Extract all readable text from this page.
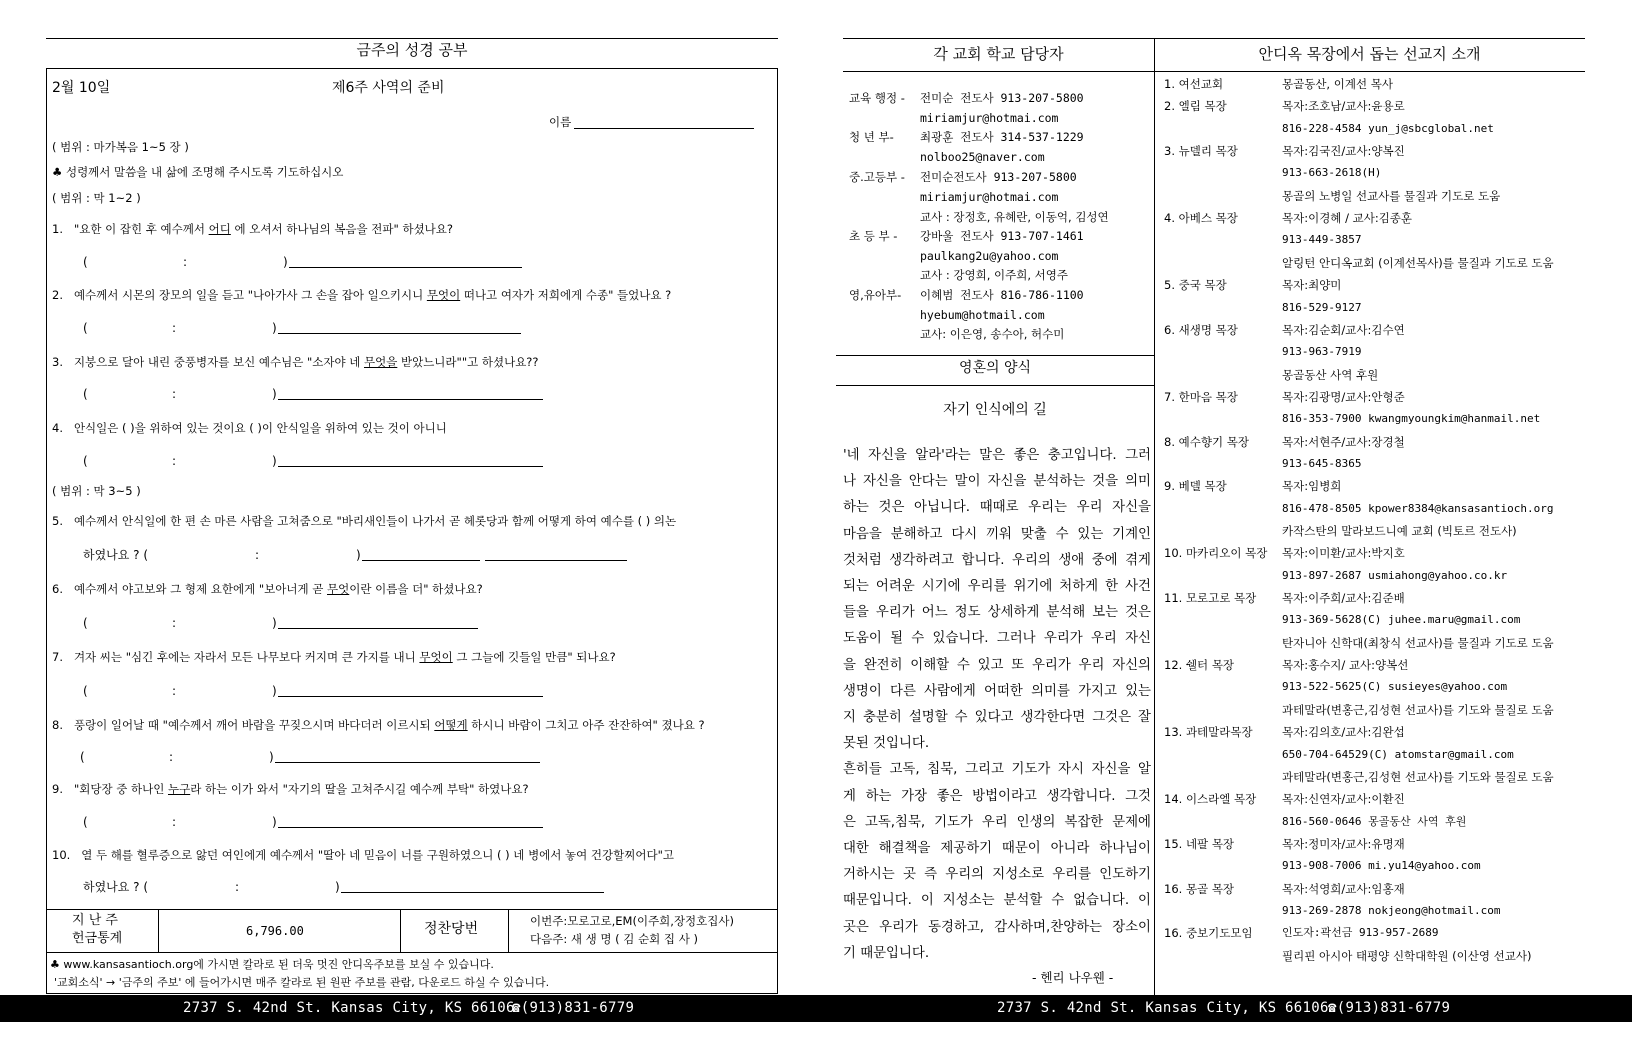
금주의 성경 공부
2월 10일	제6주 사역의 준비
이름
( 범위 : 마가복음 1~5 장 )
♣ 성령께서 말씀을 내 삶에 조명해 주시도록 기도하십시오
( 범위 : 막 1~2 )
1. "요한 이 잡힌 후 예수께서 어디 에 오셔서 하나님의 복음을 전파" 하셨나요?
(	:	)
2. 예수께서 시몬의 장모의 일을 듣고 "나아가사 그 손을 잡아 일으키시니 무엇이 떠나고 여자가 저희에게 수종" 들었나요 ?
(	:	)
3. 지붕으로 달아 내린 중풍병자를 보신 예수님은 "소자야 네 무엇을 받았느니라""고 하셨나요??
(	:	)
4. 안식일은 ( )을 위하여 있는 것이요 ( )이 안식일을 위하여 있는 것이 아니니
(	:	)
( 범위 : 막 3~5 )
5. 예수께서 안식일에 한 편 손 마른 사람을 고쳐줌으로 "바리새인들이 나가서 곧 헤롯당과 함께 어떻게 하여 예수를 ( ) 의논
하였나요 ? (	:	)
6. 예수께서 야고보와 그 형제 요한에게 "보아너게 곧 무엇이란 이름을 더" 하셨나요?
(	:	)
7. 겨자 씨는 "심긴 후에는 자라서 모든 나무보다 커지며 큰 가지를 내니 무엇이 그 그늘에 깃들일 만큼" 되나요?
(	:	)
8. 풍랑이 일어날 때 "예수께서 깨어 바람을 꾸짖으시며 바다더러 이르시되 어떻게 하시니 바람이 그치고 아주 잔잔하여" 졌나요 ?
(	:	)
9. "회당장 중 하나인 누구라 하는 이가 와서 "자기의 딸을 고쳐주시길 예수께 부탁" 하였나요?
(	:	)
10. 열 두 해를 혈루증으로 앓던 여인에게 예수께서 "딸아 네 믿음이 너를 구원하였으니 ( ) 네 병에서 놓여 건강할찌어다"고
하였나요 ? (	:	)
지 난 주
헌금통계	6,796.00	정찬당번	이번주:모로고로,EM(이주희,장정호집사)
다음주: 새 생 명 ( 김 순회 집 사 )
♣ www.kansasantioch.org에 가시면 칼라로 된 더욱 멋진 안디옥주보를 보실 수 있습니다.
'교회소식' → '금주의 주보' 에 들어가시면 매주 칼라로 된 원판 주보를 관람, 다운로드 하실 수 있습니다.
각 교회 학교 담당자	안디옥 목장에서 돕는 선교지 소개
교육 행정 - 전미순 전도사 913-207-5800
miriamjur@hotmai.com
청 년 부- 최광훈 전도사 314-537-1229
nolboo25@naver.com
중.고등부 - 전미순전도사 913-207-5800
miriamjur@hotmai.com
교사 : 장정호, 유혜란, 이동억, 김성연
초 등 부 - 강바울 전도사 913-707-1461
paulkang2u@yahoo.com
교사 : 강영희, 이주희, 서영주
영,유아부- 이혜범 전도사 816-786-1100
hyebum@hotmail.com
교사: 이은영, 송수아, 허수미
영혼의 양식
자기 인식에의 길
'네 자신을 알라'라는 말은 좋은 충고입니다. 그러
나 자신을 안다는 말이 자신을 분석하는 것을 의미
하는 것은 아닙니다. 때때로 우리는 우리 자신을
마음을 분해하고 다시 끼워 맞출 수 있는 기계인
것처럼 생각하려고 합니다. 우리의 생애 중에 겪게
되는 어려운 시기에 우리를 위기에 처하게 한 사건
들을 우리가 어느 정도 상세하게 분석해 보는 것은
도움이 될 수 있습니다. 그러나 우리가 우리 자신
을 완전히 이해할 수 있고 또 우리가 우리 자신의
생명이 다른 사람에게 어떠한 의미를 가지고 있는
지 충분히 설명할 수 있다고 생각한다면 그것은 잘
못된 것입니다.
흔히들 고독, 침묵, 그리고 기도가 자시 자신을 알
게 하는 가장 좋은 방법이라고 생각합니다. 그것
은 고독,침묵, 기도가 우리 인생의 복잡한 문제에
대한 해결책을 제공하기 때문이 아니라 하나님이
거하시는 곳 즉 우리의 지성소로 우리를 인도하기
때문입니다. 이 지성소는 분석할 수 없습니다. 이
곳은 우리가 동경하고, 감사하며,찬양하는 장소이
기 때문입니다.
- 헨리 나우웬 -
1. 여선교회	몽골동산, 이계선 목사
2. 엘림 목장	목자:조호남/교사:윤용로
816-228-4584 yun_j@sbcglobal.net
3. 뉴델리 목장	목자:김국진/교사:양복진
913-663-2618(H)
몽골의 노병일 선교사를 물질과 기도로 도움
4. 아베스 목장	목자:이경혜 / 교사:김종훈
913-449-3857
알링턴 안디옥교회 (이계선목사)를 물질과 기도로 도움
5. 중국 목장	목자:최양미
816-529-9127
6. 새생명 목장	목자:김순회/교사:김수연
913-963-7919
몽골동산 사역 후원
7. 한마음 목장	목자:김광명/교사:안형준
816-353-7900 kwangmyoungkim@hanmail.net
8. 예수향기 목장	목자:서현주/교사:장경철
913-645-8365
9. 베델 목장	목자:임병희
816-478-8505 kpower8384@kansasantioch.org
카작스탄의 말라보드니예 교회 (빅토르 전도사)
10. 마카리오이 목장 목자:이미환/교사:박지호
913-897-2687 usmiahong@yahoo.co.kr
11. 모로고로 목장 목자:이주희/교사:김준배
913-369-5628(C) juhee.maru@gmail.com
탄자니아 신학대(최창식 선교사)를 물질과 기도로 도움
12. 쉘터 목장	목자:홍수지/ 교사:양복선
913-522-5625(C) susieyes@yahoo.com
과테말라(변홍근,김성현 선교사)를 기도와 물질로 도움
13. 과테말라목장	목자:김의호/교사:김완섭
650-704-64529(C) atomstar@gmail.com
과테말라(변홍근,김성현 선교사)를 기도와 물질로 도움
14. 이스라엘 목장 목자:신연자/교사:이환진
816-560-0646 몽골동산 사역 후원
15. 네팔 목장	목자:정미자/교사:유명재
913-908-7006 mi.yu14@yahoo.com
16. 몽골 목장	목자:석영희/교사:임홍재
913-269-2878 nokjeong@hotmail.com
16. 중보기도모임	인도자:곽선금 913-957-2689
필리핀 아시아 태평양 신학대학원 (이산영 선교사)
2737 S. 42nd St. Kansas City, KS 66106
☎(913)831-6779	2737 S. 42nd St. Kansas City, KS 66106 ☎(913)831-6779
